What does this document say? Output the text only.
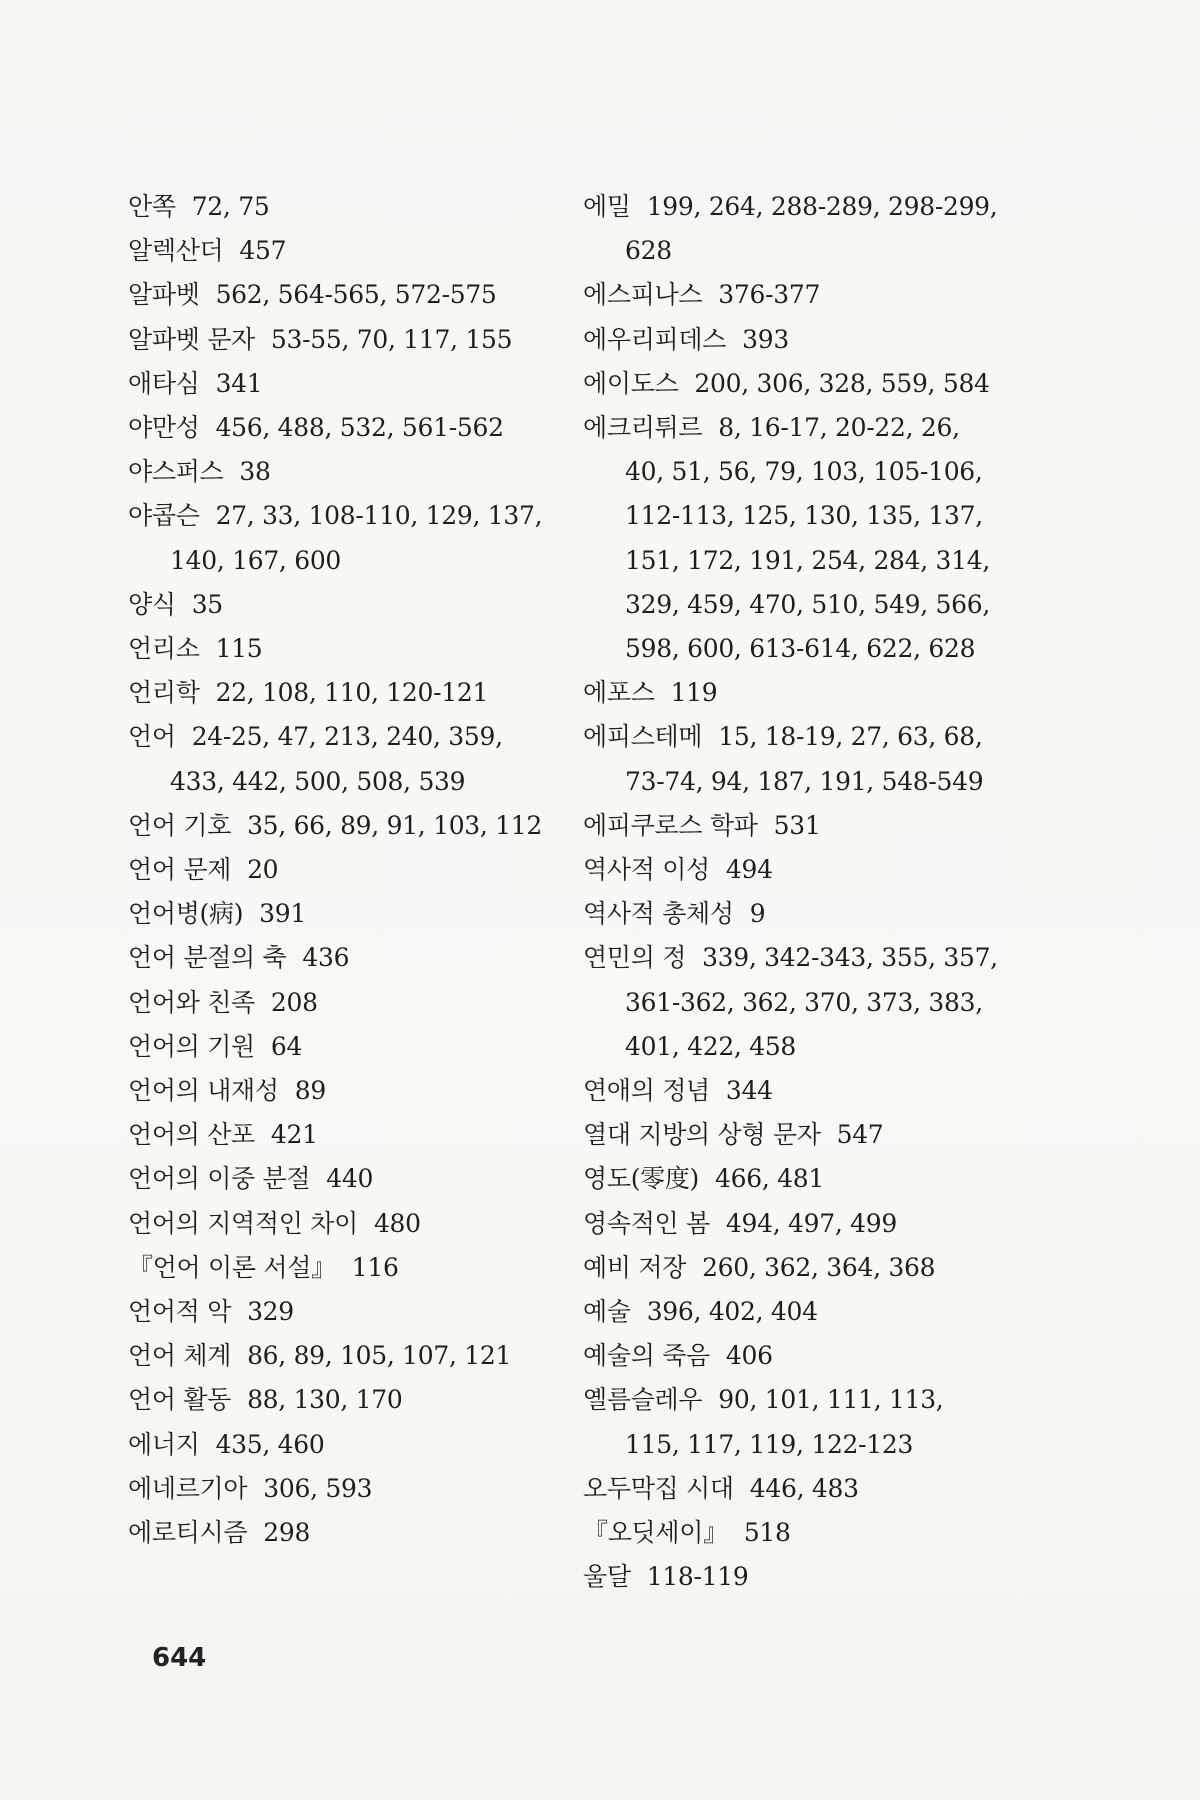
안쪽 72, 75
알렉산더 457
알파벳 562, 564-565, 572-575
알파벳 문자 53-55, 70, 117, 155
애타심 341
야만성 456, 488, 532, 561-562
야스퍼스 38
야콥슨 27, 33, 108-110, 129, 137, 140, 167, 600
양식 35
언리소 115
언리학 22, 108, 110, 120-121
언어 24-25, 47, 213, 240, 359, 433, 442, 500, 508, 539
언어 기호 35, 66, 89, 91, 103, 112
언어 문제 20
언어병(病) 391
언어 분절의 축 436
언어와 친족 208
언어의 기원 64
언어의 내재성 89
언어의 산포 421
언어의 이중 분절 440
언어의 지역적인 차이 480
『언어 이론 서설』 116
언어적 악 329
언어 체계 86, 89, 105, 107, 121
언어 활동 88, 130, 170
에너지 435, 460
에네르기아 306, 593
에로티시즘 298
에밀 199, 264, 288-289, 298-299, 628
에스피나스 376-377
에우리피데스 393
에이도스 200, 306, 328, 559, 584
에크리튀르 8, 16-17, 20-22, 26, 40, 51, 56, 79, 103, 105-106, 112-113, 125, 130, 135, 137, 151, 172, 191, 254, 284, 314, 329, 459, 470, 510, 549, 566, 598, 600, 613-614, 622, 628
에포스 119
에피스테메 15, 18-19, 27, 63, 68, 73-74, 94, 187, 191, 548-549
에피쿠로스 학파 531
역사적 이성 494
역사적 총체성 9
연민의 정 339, 342-343, 355, 357, 361-362, 362, 370, 373, 383, 401, 422, 458
연애의 정념 344
열대 지방의 상형 문자 547
영도(零度) 466, 481
영속적인 봄 494, 497, 499
예비 저장 260, 362, 364, 368
예술 396, 402, 404
예술의 죽음 406
옐름슬레우 90, 101, 111, 113, 115, 117, 119, 122-123
오두막집 시대 446, 483
『오딧세이』 518
울달 118-119
644
